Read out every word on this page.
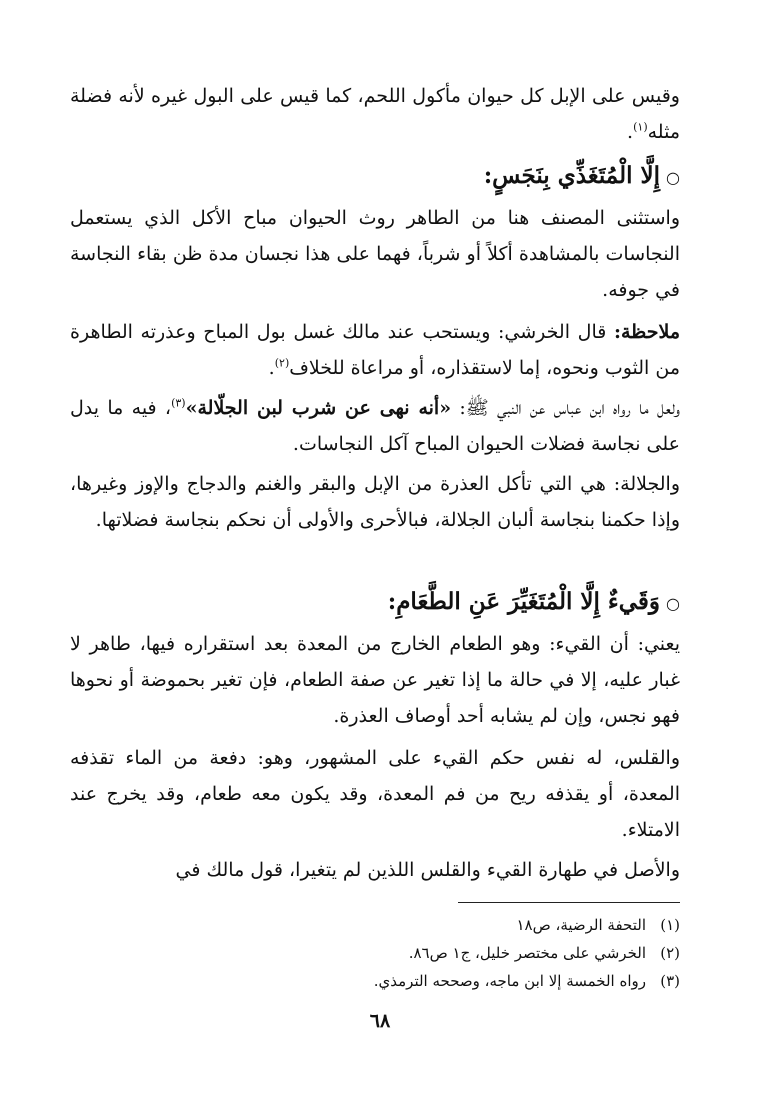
وقيس على الإبل كل حيوان مأكول اللحم، كما قيس على البول غيره لأنه فضلة مثله$^{(١)}$.

○إِلَّا الْمُتَغَذِّي بِنَجَسٍ:

واستثنى المصنف هنا من الطاهر روث الحيوان مباح الأكل الذي يستعمل النجاسات بالمشاهدة أكلاً أو شرباً، فهما على هذا نجسان مدة ظن بقاء النجاسة في جوفه.

ملاحظة: قال الخرشي: ويستحب عند مالك غسل بول المباح وعذرته الطاهرة من الثوب ونحوه، إما لاستقذاره، أو مراعاة للخلاف$^{(٢)}$.

ولعل ما رواه ابن عباس عن النبي ﷺ: «أنه نهى عن شرب لبن الجلّالة»$^{(٣)}$، فيه ما يدل على نجاسة فضلات الحيوان المباح آكل النجاسات.

والجلالة: هي التي تأكل العذرة من الإبل والبقر والغنم والدجاج والإوز وغيرها، وإذا حكمنا بنجاسة ألبان الجلالة، فبالأحرى والأولى أن نحكم بنجاسة فضلاتها.

○وَقَيءٌ إِلَّا الْمُتَغَيِّرَ عَنِ الطَّعَامِ:

يعني: أن القيء: وهو الطعام الخارج من المعدة بعد استقراره فيها، طاهر لا غبار عليه، إلا في حالة ما إذا تغير عن صفة الطعام، فإن تغير بحموضة أو نحوها فهو نجس، وإن لم يشابه أحد أوصاف العذرة.

والقلس، له نفس حكم القيء على المشهور، وهو: دفعة من الماء تقذفه المعدة، أو يقذفه ريح من فم المعدة، وقد يكون معه طعام، وقد يخرج عند الامتلاء.

والأصل في طهارة القيء والقلس اللذين لم يتغيرا، قول مالك في

(١)التحفة الرضية، ص١٨

(٢)الخرشي على مختصر خليل، ج١ ص٨٦.

(٣)رواه الخمسة إلا ابن ماجه، وصححه الترمذي.

٦٨
